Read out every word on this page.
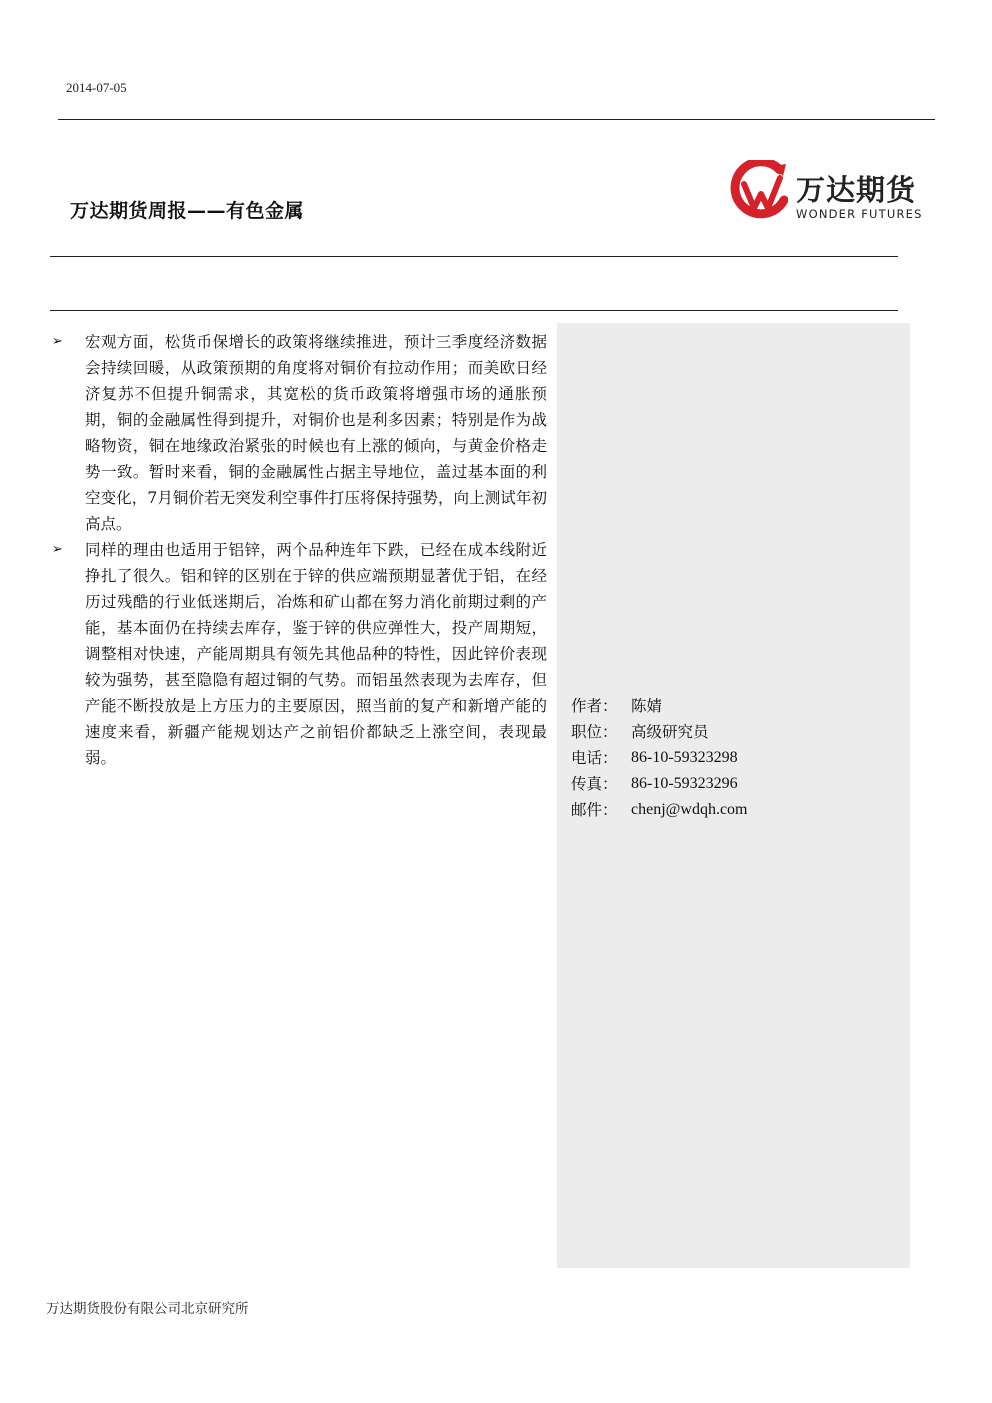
2014-07-05
万达期货周报——有色金属
万达期货
WONDER FUTURES
➢ 宏观方面，松货币保增长的政策将继续推进，预计三季度经济数据会持续回暖，从政策预期的角度将对铜价有拉动作用；而美欧日经济复苏不但提升铜需求，其宽松的货币政策将增强市场的通胀预期，铜的金融属性得到提升，对铜价也是利多因素；特别是作为战略物资，铜在地缘政治紧张的时候也有上涨的倾向，与黄金价格走势一致。暂时来看，铜的金融属性占据主导地位，盖过基本面的利空变化，7月铜价若无突发利空事件打压将保持强势，向上测试年初高点。
➢ 同样的理由也适用于铝锌，两个品种连年下跌，已经在成本线附近挣扎了很久。铝和锌的区别在于锌的供应端预期显著优于铝，在经历过残酷的行业低迷期后，冶炼和矿山都在努力消化前期过剩的产能，基本面仍在持续去库存，鉴于锌的供应弹性大，投产周期短，调整相对快速，产能周期具有领先其他品种的特性，因此锌价表现较为强势，甚至隐隐有超过铜的气势。而铝虽然表现为去库存，但产能不断投放是上方压力的主要原因，照当前的复产和新增产能的速度来看，新疆产能规划达产之前铝价都缺乏上涨空间，表现最弱。
作者： 陈婧
职位： 高级研究员
电话： 86-10-59323298
传真： 86-10-59323296
邮件： chenj@wdqh.com
万达期货股份有限公司北京研究所
